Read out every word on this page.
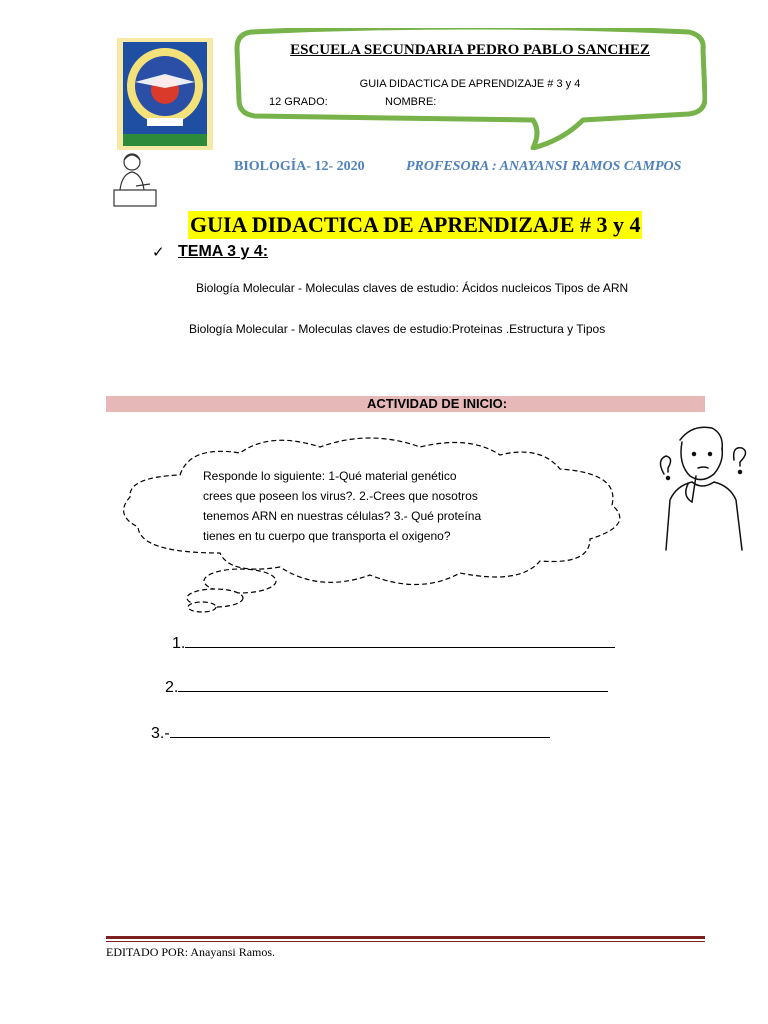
ESCUELA SECUNDARIA PEDRO PABLO SANCHEZ
GUIA DIDACTICA DE APRENDIZAJE # 3 y 4
12 GRADO:	NOMBRE:
BIOLOGÍA- 12- 2020	PROFESORA : ANAYANSI RAMOS CAMPOS
GUIA DIDACTICA DE APRENDIZAJE # 3 y 4
✓ TEMA 3 y 4:
Biología Molecular - Moleculas claves de estudio: Ácidos nucleicos Tipos de ARN
Biología Molecular - Moleculas claves de estudio:Proteinas .Estructura y Tipos
ACTIVIDAD DE INICIO:
Responde lo siguiente: 1-Qué material genético
crees que poseen los virus?. 2.-Crees que nosotros
tenemos ARN en nuestras células? 3.- Qué proteína
tienes en tu cuerpo que transporta el oxigeno?
1.
2.
3.-
EDITADO POR: Anayansi Ramos.
